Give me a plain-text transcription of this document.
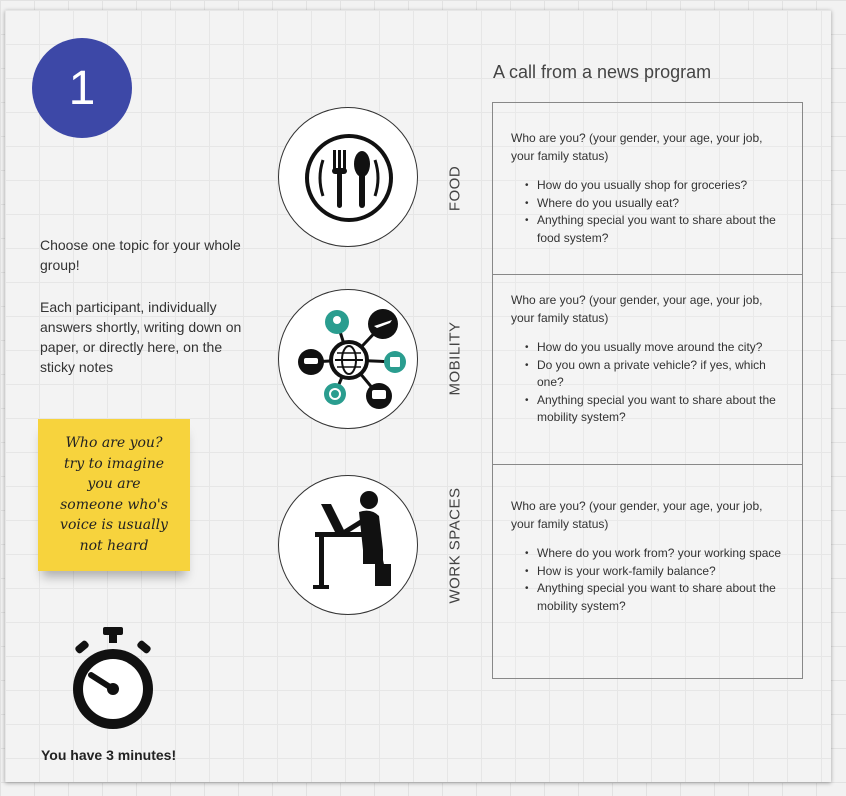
1
Choose one topic for your whole group!
Each participant, individually answers shortly, writing down on paper, or directly here, on the sticky notes
Who are you?
try to imagine
you are
someone who's
voice is usually
not heard
You have 3 minutes!
FOOD
MOBILITY
WORK SPACES
A call from a news program

Who are you? (your gender, your age, your job, your family status)

• How do you usually shop for groceries?
• Where do you usually eat?
• Anything special you want to share about the food system?

Who are you? (your gender, your age, your job, your family status)

• How do you usually move around the city?
• Do you own a private vehicle? if yes, which one?
• Anything special you want to share about the mobility system?

Who are you? (your gender, your age, your job, your family status)

• Where do you work from? your working space
• How is your work-family balance?
• Anything special you want to share about the mobility system?
